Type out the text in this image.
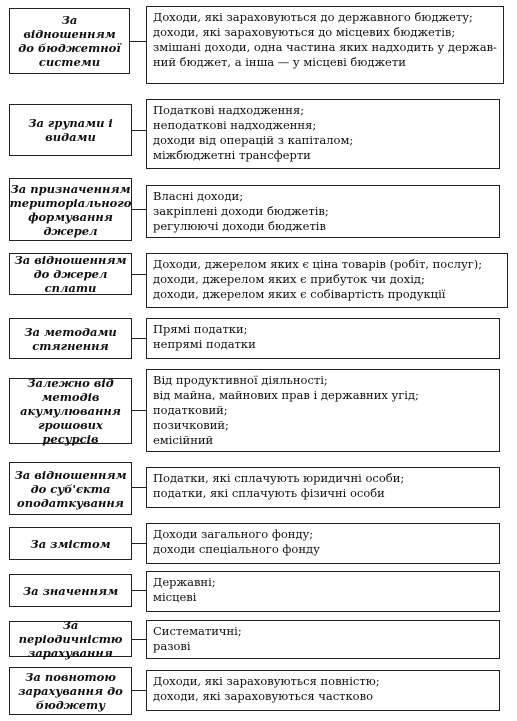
За відношенням до бюджетної системи
Доходи, які зараховуються до державного бюджету;
доходи, які зараховуються до місцевих бюджетів;
змішані доходи, одна частина яких надходить у держав-
ний бюджет, а інша — у місцеві бюджети
За групами і видами
Податкові надходження;
неподаткові надходження;
доходи від операцій з капіталом;
міжбюджетні трансферти
За призначенням територіального формування джерел
Власні доходи;
закріплені доходи бюджетів;
регулюючі доходи бюджетів
За відношенням до джерел сплати
Доходи, джерелом яких є ціна товарів (робіт, послуг);
доходи, джерелом яких є прибуток чи дохід;
доходи, джерелом яких є собівартість продукції
За методами стягнення
Прямі податки;
непрямі податки
Залежно від методів акумулювання грошових ресурсів
Від продуктивної діяльності;
від майна, майнових прав і державних угід;
податковий;
позичковий;
емісійний
За відношенням до суб'єкта оподаткування
Податки, які сплачують юридичні особи;
податки, які сплачують фізичні особи
За змістом
Доходи загального фонду;
доходи спеціального фонду
За значенням
Державні;
місцеві
За періодичністю зарахування
Систематичні;
разові
За повнотою зарахування до бюджету
Доходи, які зараховуються повністю;
доходи, які зараховуються частково
